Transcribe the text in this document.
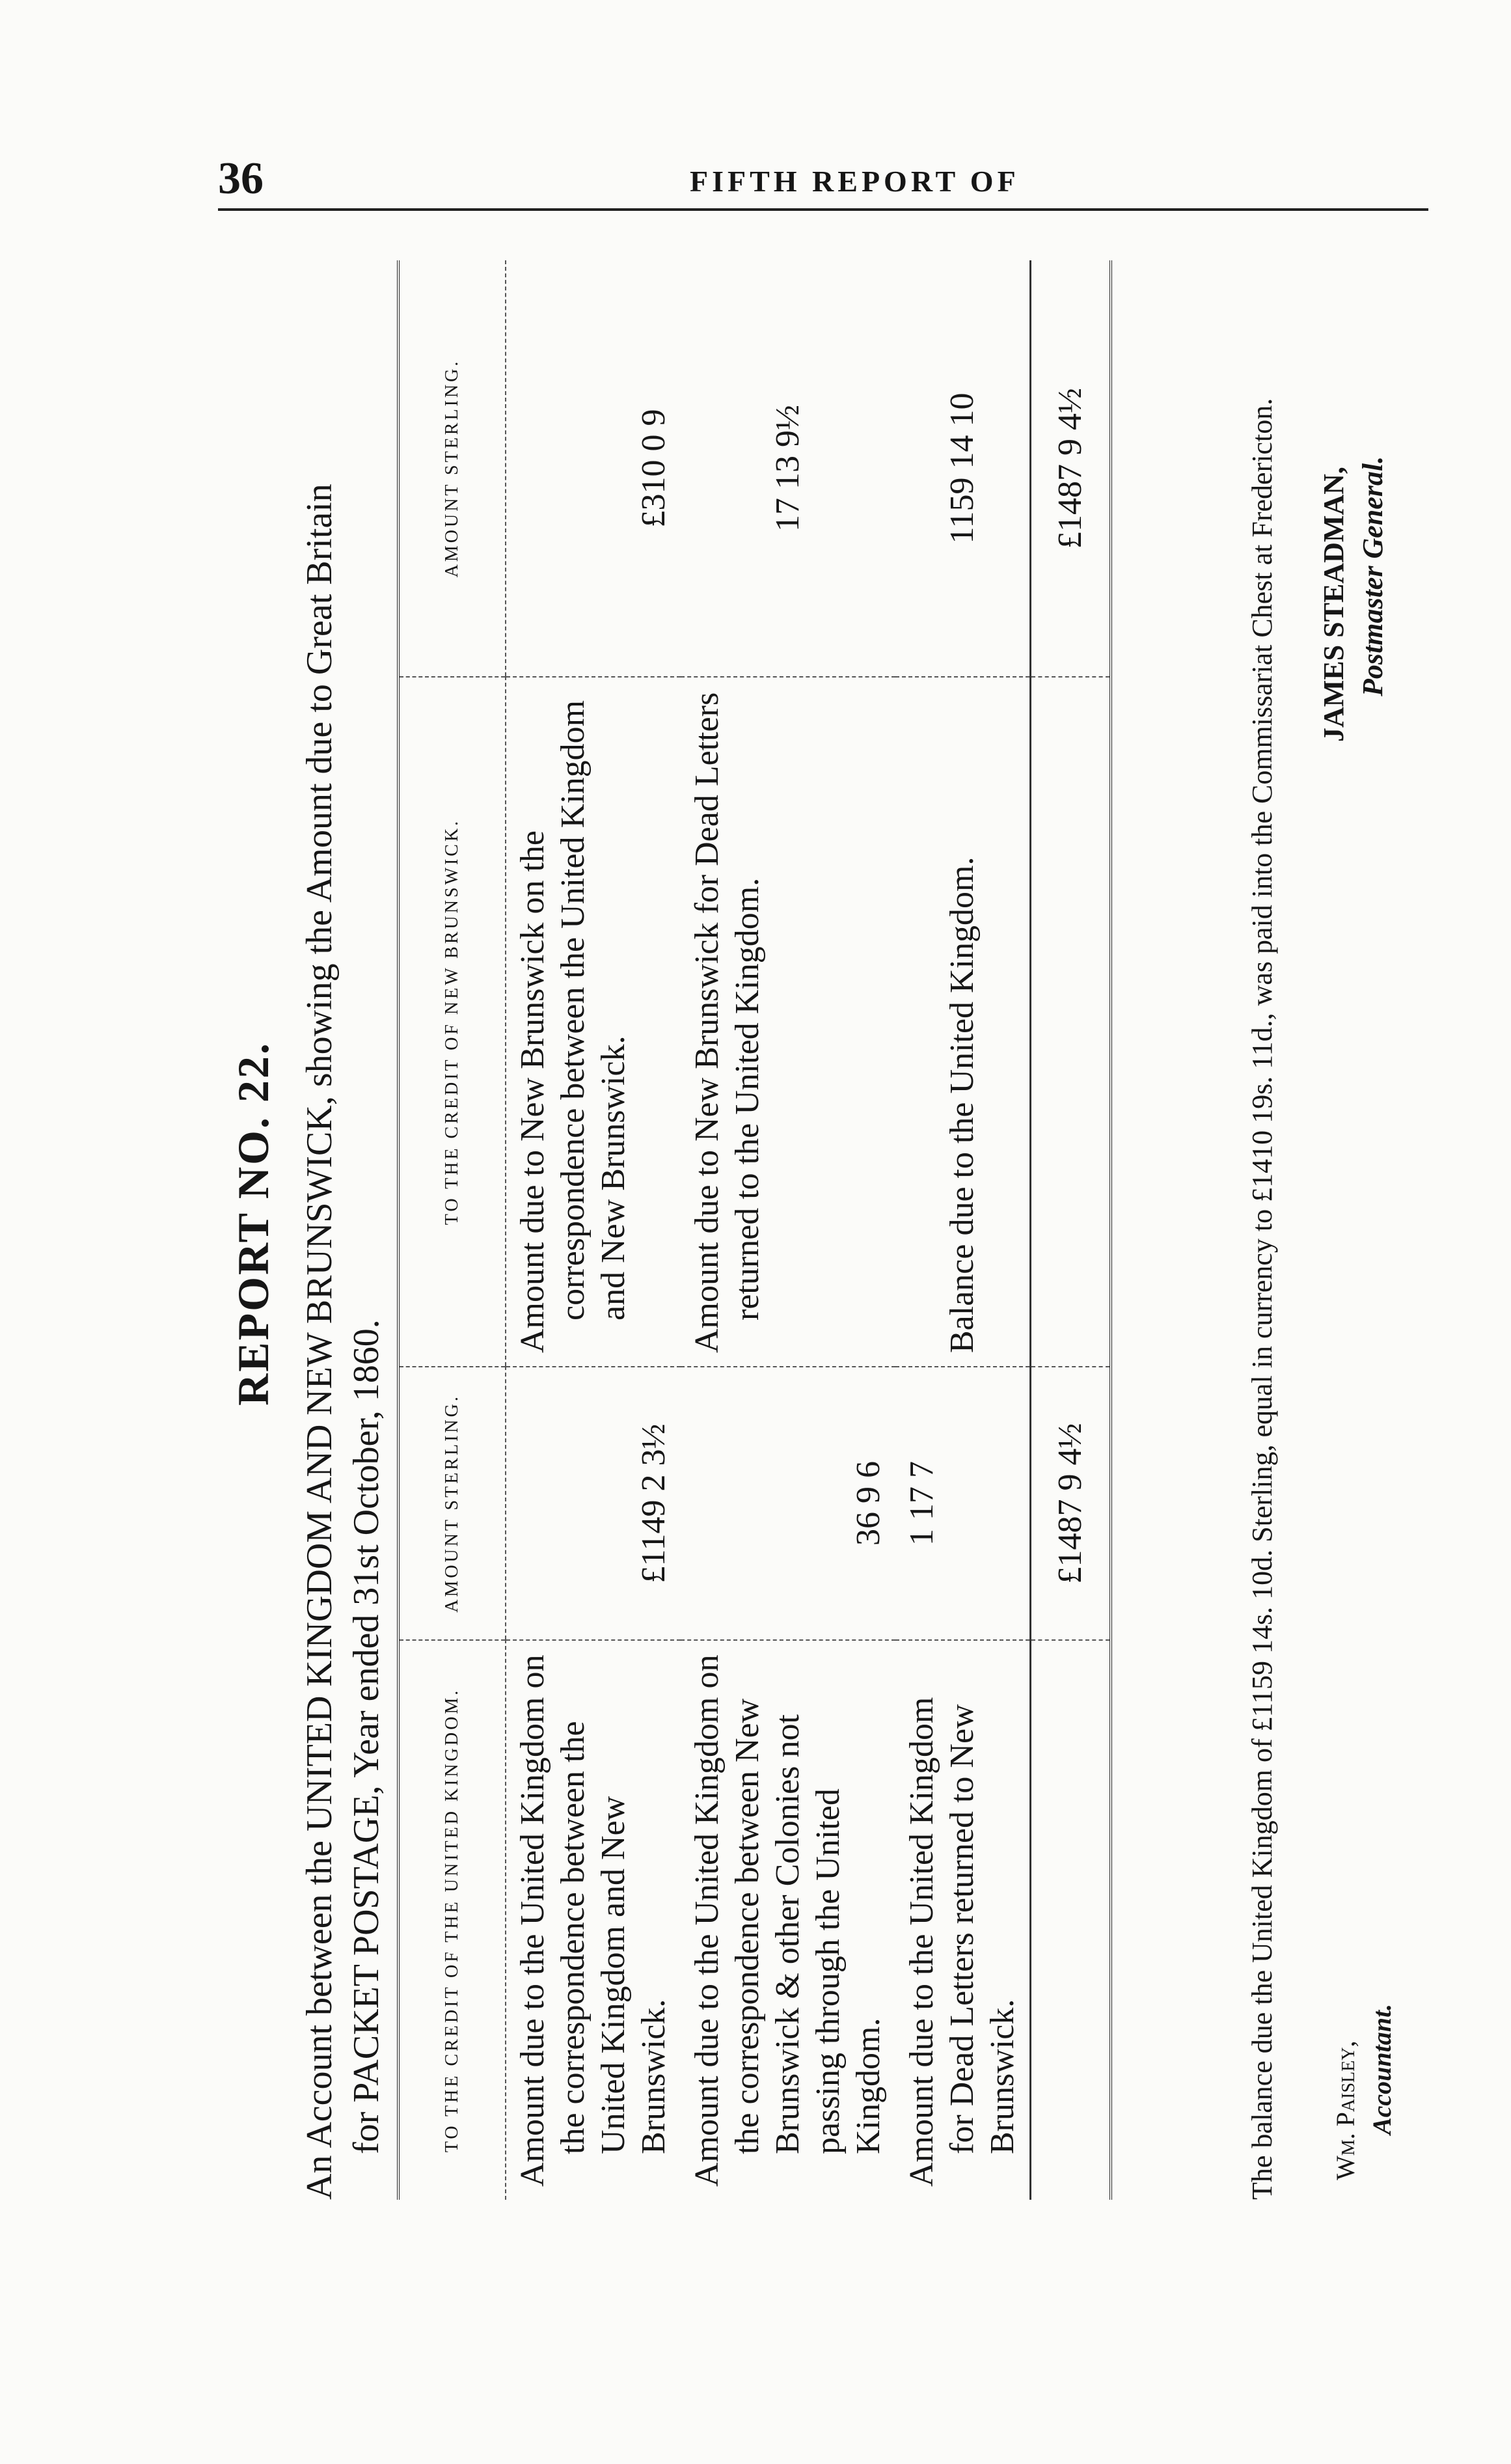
36	FIFTH REPORT OF
REPORT NO. 22. An Account between the UNITED KINGDOM AND NEW BRUNSWICK, showing the Amount due to Great Britain for PACKET POSTAGE, Year ended 31st October, 1860.	TO THE CREDIT OF THE UNITED KINGDOM.	AMOUNT STERLING.	TO THE CREDIT OF NEW BRUNSWICK.	AMOUNT STERLING.
Amount due to the United Kingdom on the correspondence between the United Kingdom and New Brunswick.	£1149 2 3½	Amount due to New Brunswick on the correspondence between the United Kingdom and New Brunswick.	£310 0 9
Amount due to the United Kingdom on the correspondence between New Brunswick & other Colonies not passing through the United Kingdom.	36 9 6	Amount due to New Brunswick for Dead Letters returned to the United Kingdom.	17 13 9½
Amount due to the United Kingdom for Dead Letters returned to New Brunswick.	1 17 7	Balance due to the United Kingdom.	1159 14 10
	£1487 9 4½		£1487 9 4½	The balance due the United Kingdom of £1159 14s. 10d. Sterling, equal in currency to £1410 19s. 11d., was paid into the Commissariat Chest at Fredericton. Wm. Paisley, Accountant.
JAMES STEADMAN, Postmaster General.
